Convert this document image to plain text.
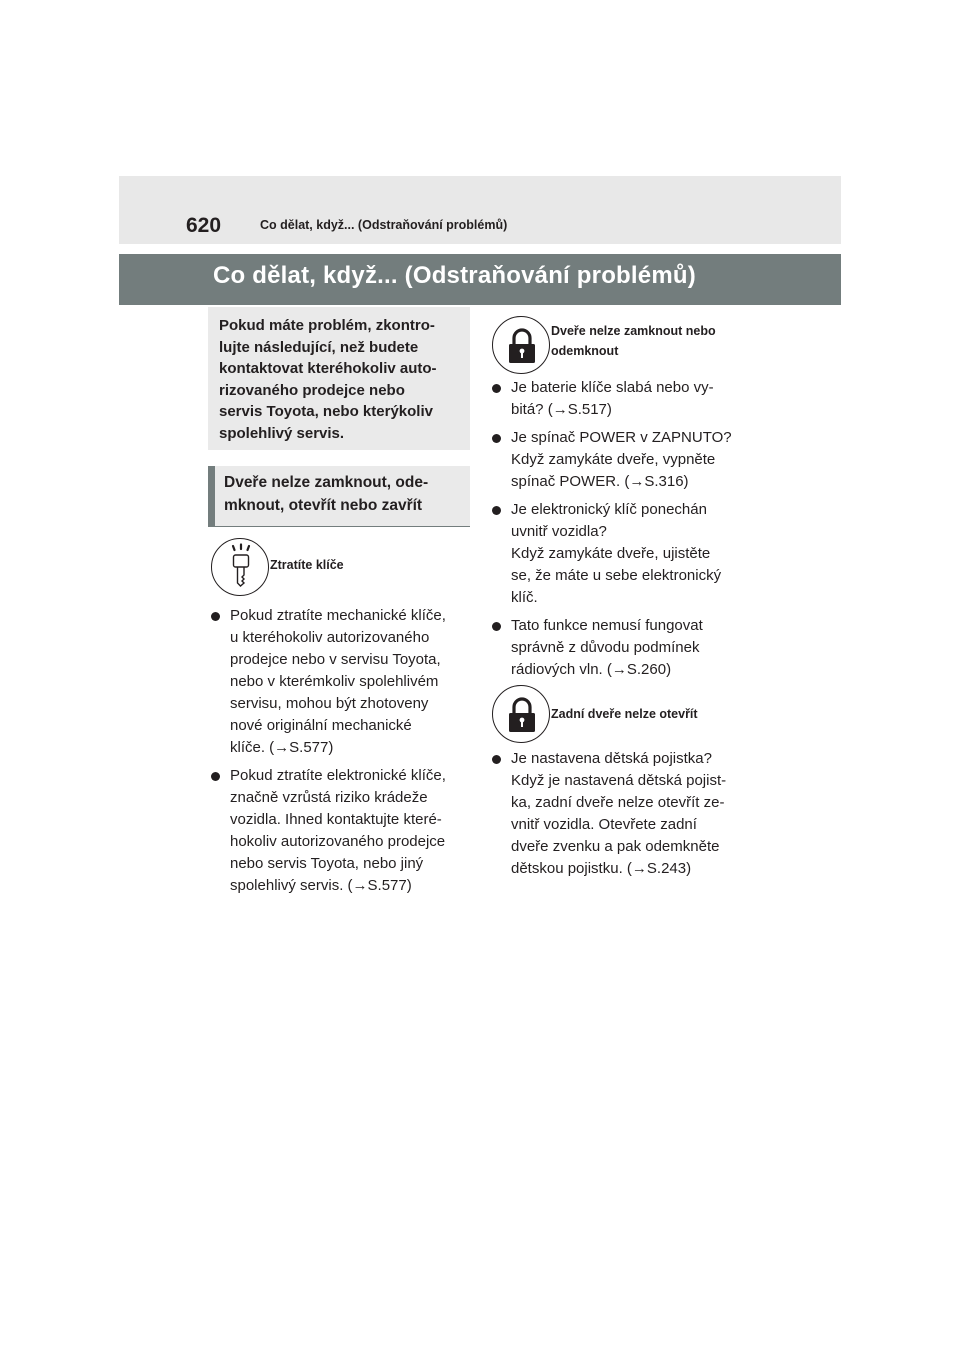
620	Co dělat, když... (Odstraňování problémů)
Co dělat, když... (Odstraňování problémů)
Pokud máte problém, zkontro-
lujte následující, než budete
kontaktovat kteréhokoliv auto-
rizovaného prodejce nebo
servis Toyota, nebo kterýkoliv
spolehlivý servis.
Dveře nelze zamknout, ode-
mknout, otevřít nebo zavřít
Ztratíte klíče
Pokud ztratíte mechanické klíče,
u kteréhokoliv autorizovaného
prodejce nebo v servisu Toyota,
nebo v kterémkoliv spolehlivém
servisu, mohou být zhotoveny
nové originální mechanické
klíče. (→S.577)
Pokud ztratíte elektronické klíče,
značně vzrůstá riziko krádeže
vozidla. Ihned kontaktujte které-
hokoliv autorizovaného prodejce
nebo servis Toyota, nebo jiný
spolehlivý servis. (→S.577)
Dveře nelze zamknout nebo
odemknout
Je baterie klíče slabá nebo vy-
bitá? (→S.517)
Je spínač POWER v ZAPNUTO?
Když zamykáte dveře, vypněte
spínač POWER. (→S.316)
Je elektronický klíč ponechán
uvnitř vozidla?
Když zamykáte dveře, ujistěte
se, že máte u sebe elektronický
klíč.
Tato funkce nemusí fungovat
správně z důvodu podmínek
rádiových vln. (→S.260)
Zadní dveře nelze otevřít
Je nastavena dětská pojistka?
Když je nastavená dětská pojist-
ka, zadní dveře nelze otevřít ze-
vnitř vozidla. Otevřete zadní
dveře zvenku a pak odemkněte
dětskou pojistku. (→S.243)
